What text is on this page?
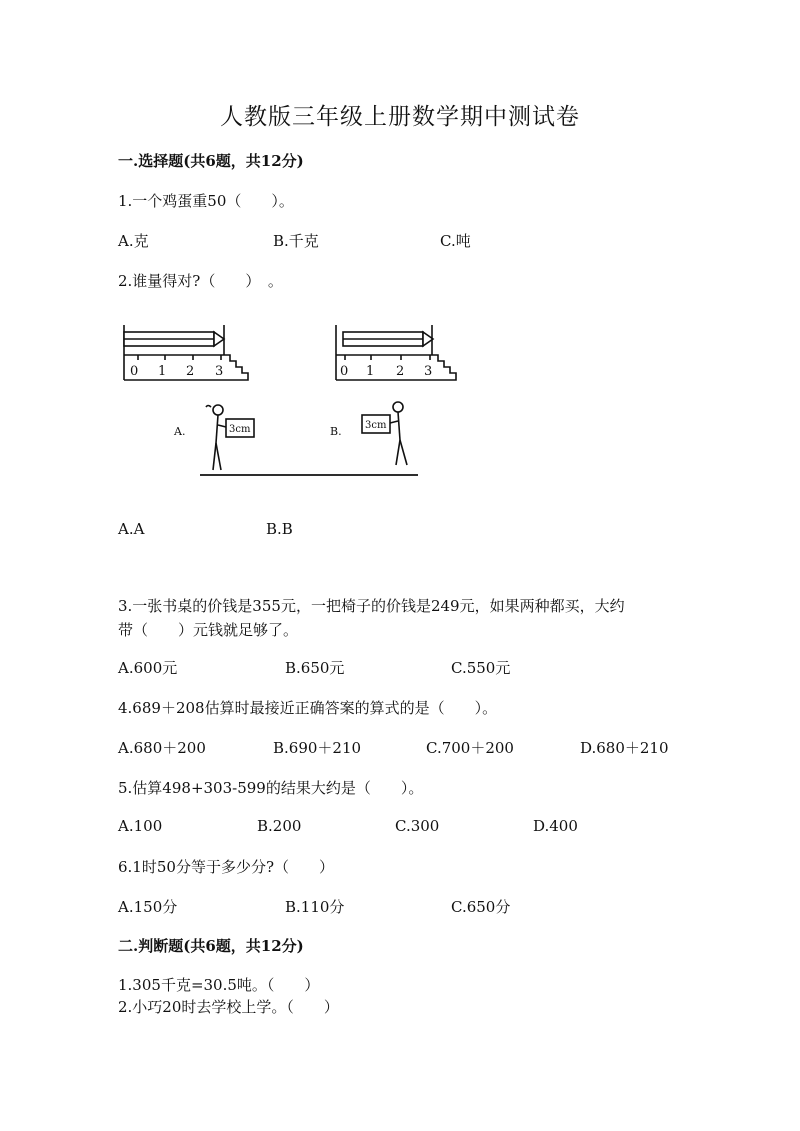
人教版三年级上册数学期中测试卷
一.选择题(共6题，共12分)
1.一个鸡蛋重50（　　）。
A.克	B.千克	C.吨
2.谁量得对?（　　）　。
0 1 2 3	0 1 2 3
A.	B.
3cm	3cm
A.A	B.B
3.一张书桌的价钱是355元，一把椅子的价钱是249元，如果两种都买，大约
带（　　）元钱就足够了。
A.600元	B.650元	C.550元
4.689＋208估算时最接近正确答案的算式的是（　　）。
A.680＋200	B.690＋210	C.700＋200	D.680＋210
5.估算498+303-599的结果大约是（　　）。
A.100	B.200	C.300	D.400
6.1时50分等于多少分?（　　）
A.150分	B.110分	C.650分
二.判断题(共6题，共12分)
1.305千克=30.5吨。（　　）
2.小巧20时去学校上学。（　　）
